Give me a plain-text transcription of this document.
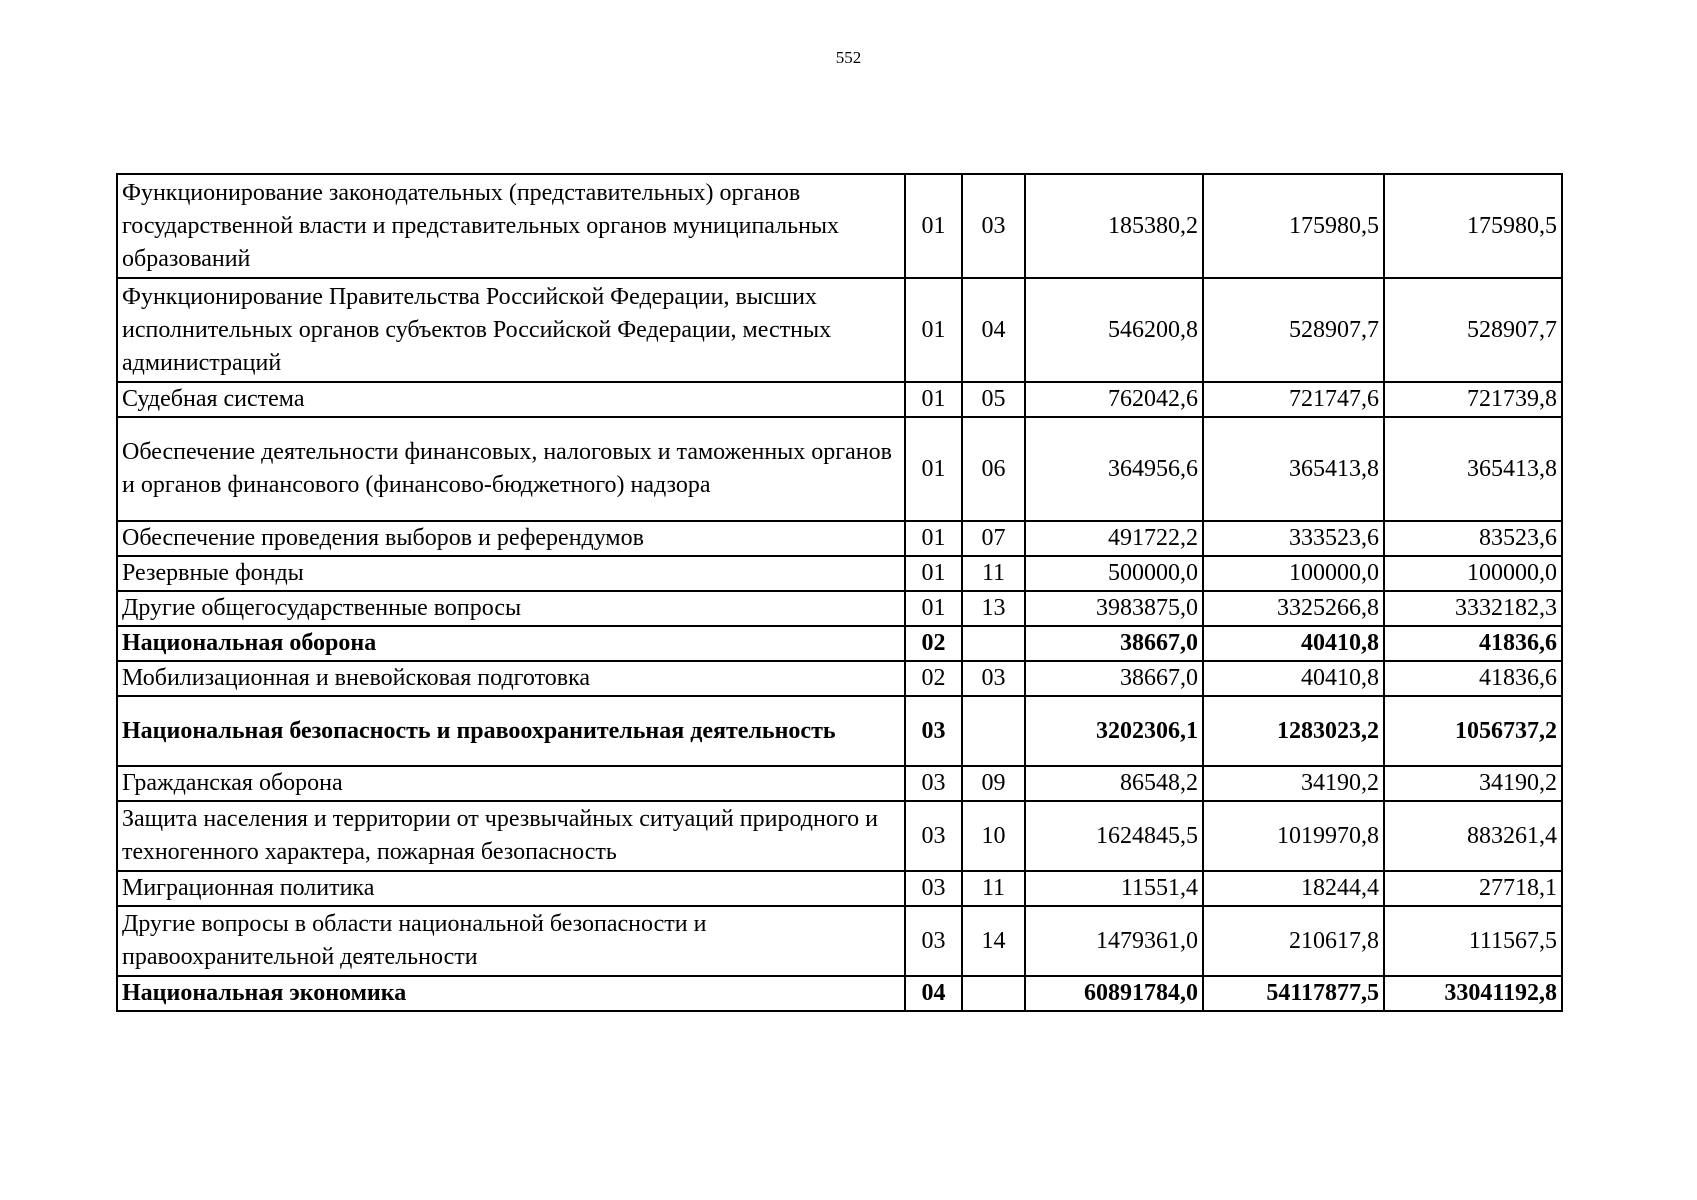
552
Функционирование законодательных (представительных) органов государственной власти и представительных органов муниципальных образований	01	03	185380,2	175980,5	175980,5
Функционирование Правительства Российской Федерации, высших исполнительных органов субъектов Российской Федерации, местных администраций	01	04	546200,8	528907,7	528907,7
Судебная система	01	05	762042,6	721747,6	721739,8
Обеспечение деятельности финансовых, налоговых и таможенных органов и органов финансового (финансово-бюджетного) надзора	01	06	364956,6	365413,8	365413,8
Обеспечение проведения выборов и референдумов	01	07	491722,2	333523,6	83523,6
Резервные фонды	01	11	500000,0	100000,0	100000,0
Другие общегосударственные вопросы	01	13	3983875,0	3325266,8	3332182,3
Национальная оборона	02		38667,0	40410,8	41836,6
Мобилизационная и вневойсковая подготовка	02	03	38667,0	40410,8	41836,6
Национальная безопасность и правоохранительная деятельность	03		3202306,1	1283023,2	1056737,2
Гражданская оборона	03	09	86548,2	34190,2	34190,2
Защита населения и территории от чрезвычайных ситуаций природного и техногенного характера, пожарная безопасность	03	10	1624845,5	1019970,8	883261,4
Миграционная политика	03	11	11551,4	18244,4	27718,1
Другие вопросы в области национальной безопасности и правоохранительной деятельности	03	14	1479361,0	210617,8	111567,5
Национальная экономика	04		60891784,0	54117877,5	33041192,8
